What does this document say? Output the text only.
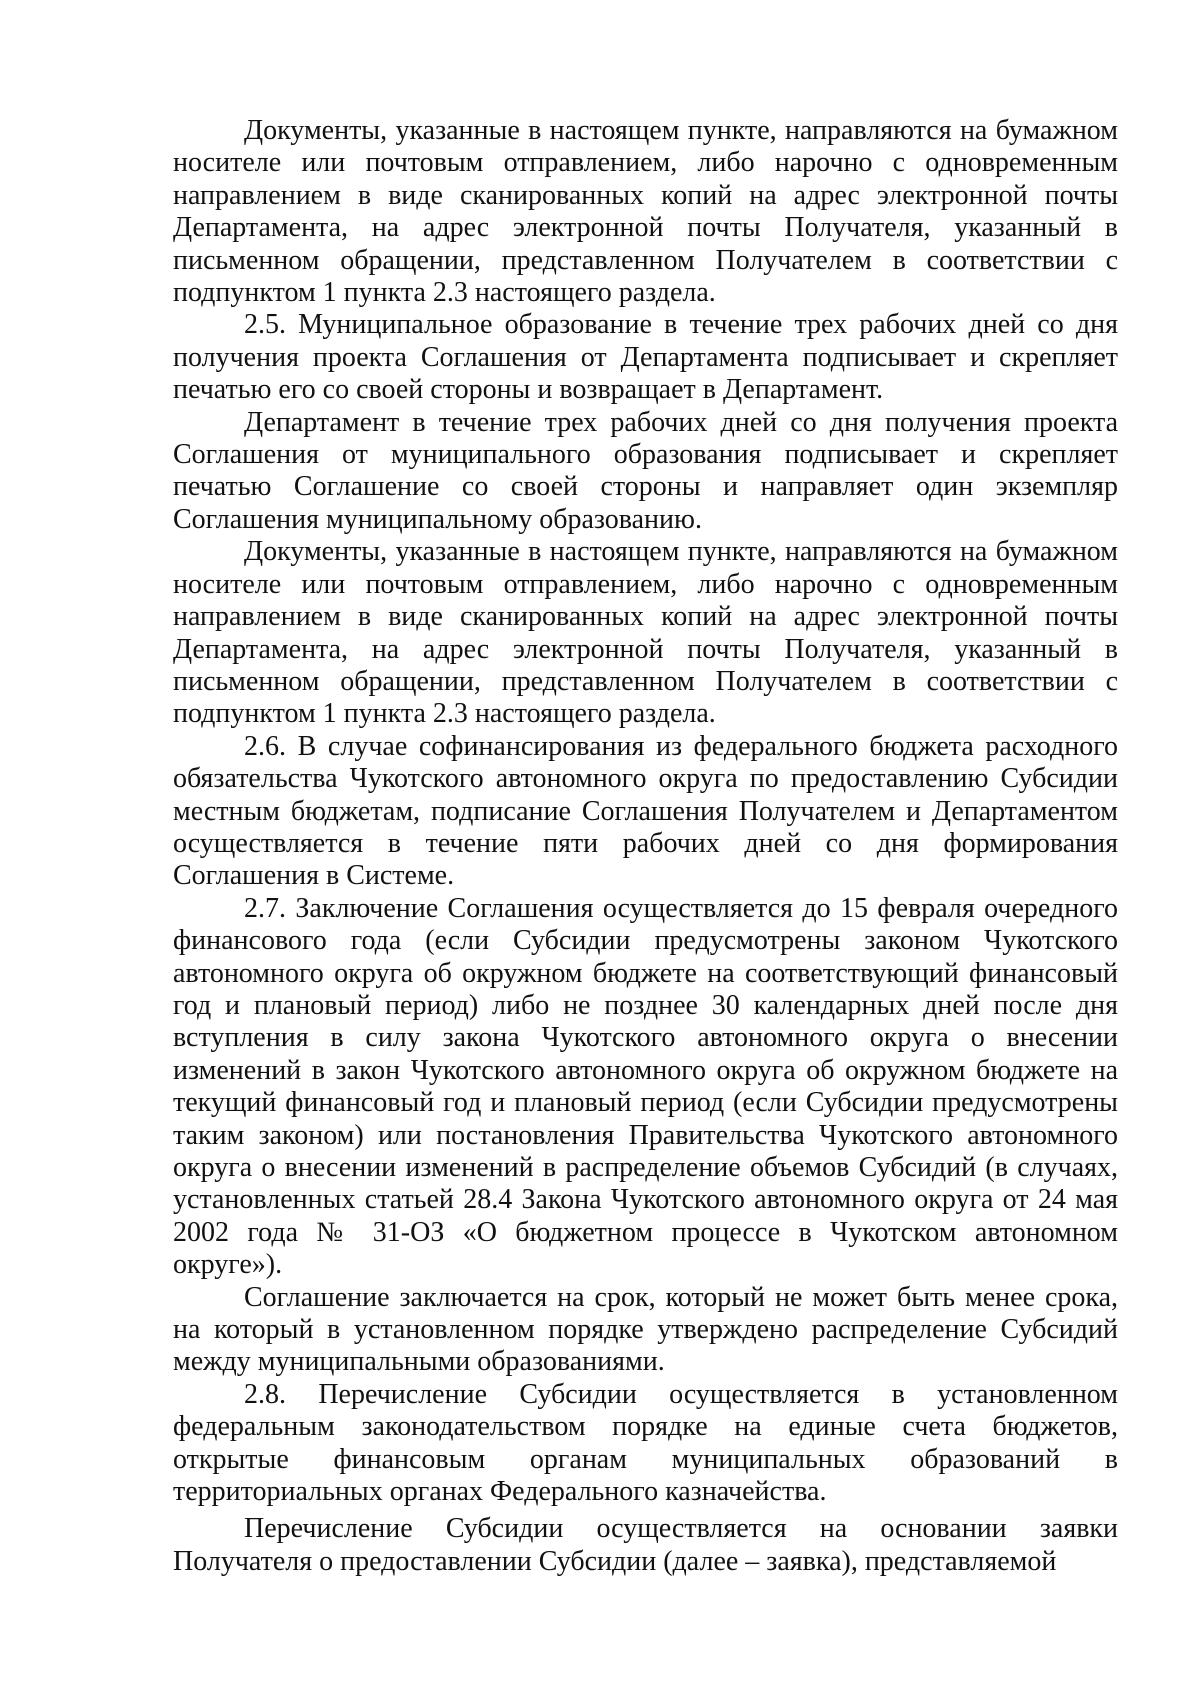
Документы, указанные в настоящем пункте, направляются на бумажном носителе или почтовым отправлением, либо нарочно с одновременным направлением в виде сканированных копий на адрес электронной почты Департамента, на адрес электронной почты Получателя, указанный в письменном обращении, представленном Получателем в соответствии с подпунктом 1 пункта 2.3 настоящего раздела.

2.5. Муниципальное образование в течение трех рабочих дней со дня получения проекта Соглашения от Департамента подписывает и скрепляет печатью его со своей стороны и возвращает в Департамент.

Департамент в течение трех рабочих дней со дня получения проекта Соглашения от муниципального образования подписывает и скрепляет печатью Соглашение со своей стороны и направляет один экземпляр Соглашения муниципальному образованию.

Документы, указанные в настоящем пункте, направляются на бумажном носителе или почтовым отправлением, либо нарочно с одновременным направлением в виде сканированных копий на адрес электронной почты Департамента, на адрес электронной почты Получателя, указанный в письменном обращении, представленном Получателем в соответствии с подпунктом 1 пункта 2.3 настоящего раздела.

2.6. В случае софинансирования из федерального бюджета расходного обязательства Чукотского автономного округа по предоставлению Субсидии местным бюджетам, подписание Соглашения Получателем и Департаментом осуществляется в течение пяти рабочих дней со дня формирования Соглашения в Системе.

2.7. Заключение Соглашения осуществляется до 15 февраля очередного финансового года (если Субсидии предусмотрены законом Чукотского автономного округа об окружном бюджете на соответствующий финансовый год и плановый период) либо не позднее 30 календарных дней после дня вступления в силу закона Чукотского автономного округа о внесении изменений в закон Чукотского автономного округа об окружном бюджете на текущий финансовый год и плановый период (если Субсидии предусмотрены таким законом) или постановления Правительства Чукотского автономного округа о внесении изменений в распределение объемов Субсидий (в случаях, установленных статьей 28.4 Закона Чукотского автономного округа от 24 мая 2002 года № 31-ОЗ «О бюджетном процессе в Чукотском автономном округе»).

Соглашение заключается на срок, который не может быть менее срока, на который в установленном порядке утверждено распределение Субсидий между муниципальными образованиями.

2.8. Перечисление Субсидии осуществляется в установленном федеральным законодательством порядке на единые счета бюджетов, открытые финансовым органам муниципальных образований в территориальных органах Федерального казначейства.

Перечисление Субсидии осуществляется на основании заявки Получателя о предоставлении Субсидии (далее – заявка), представляемой
